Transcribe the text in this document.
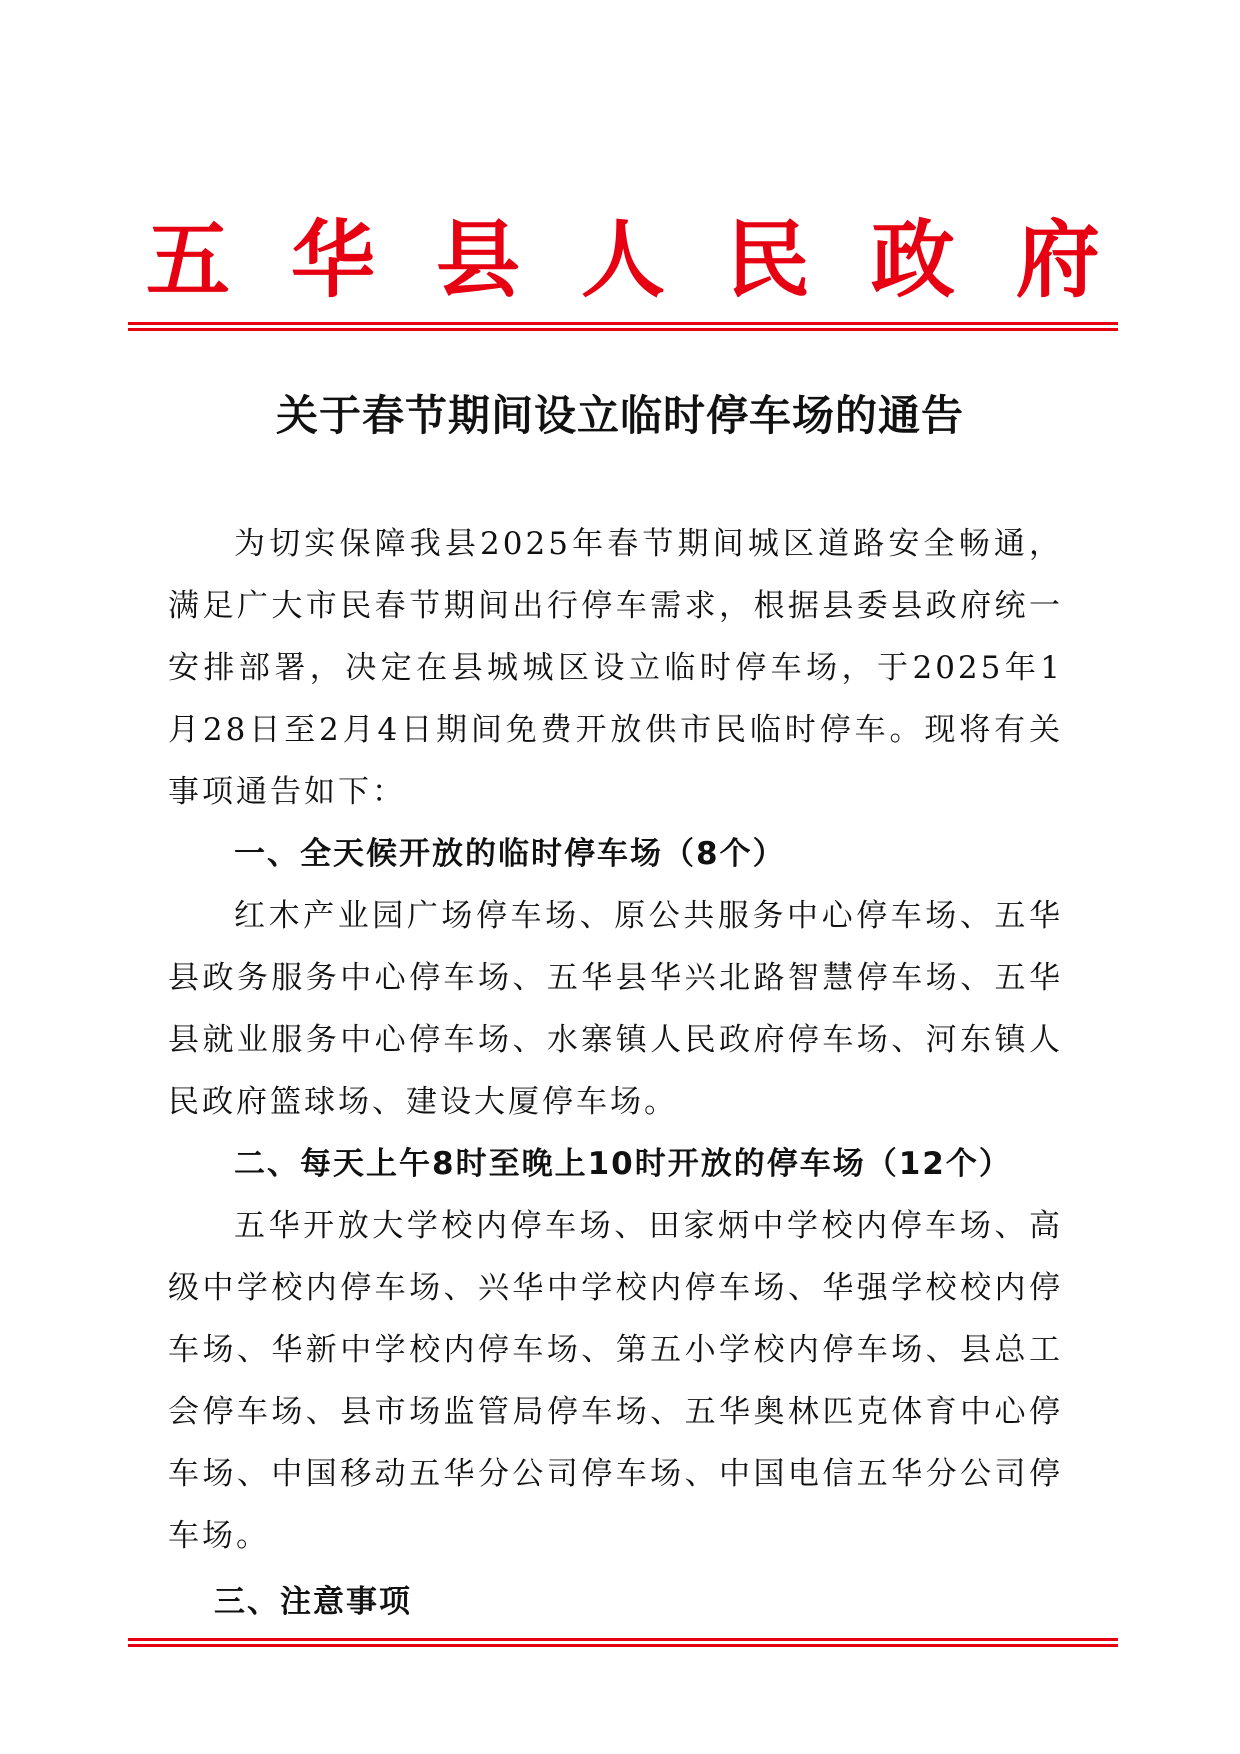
五 华 县 人 民 政 府
关于春节期间设立临时停车场的通告

为切实保障我县2025年春节期间城区道路安全畅通，满足广大市民春节期间出行停车需求，根据县委县政府统一安排部署，决定在县城城区设立临时停车场，于2025年1月28日至2月4日期间免费开放供市民临时停车。现将有关事项通告如下：

一、全天候开放的临时停车场（8个）

红木产业园广场停车场、原公共服务中心停车场、五华县政务服务中心停车场、五华县华兴北路智慧停车场、五华县就业服务中心停车场、水寨镇人民政府停车场、河东镇人民政府篮球场、建设大厦停车场。

二、每天上午8时至晚上10时开放的停车场（12个）

五华开放大学校内停车场、田家炳中学校内停车场、高级中学校内停车场、兴华中学校内停车场、华强学校校内停车场、华新中学校内停车场、第五小学校内停车场、县总工会停车场、县市场监管局停车场、五华奥林匹克体育中心停车场、中国移动五华分公司停车场、中国电信五华分公司停车场。

三、注意事项
